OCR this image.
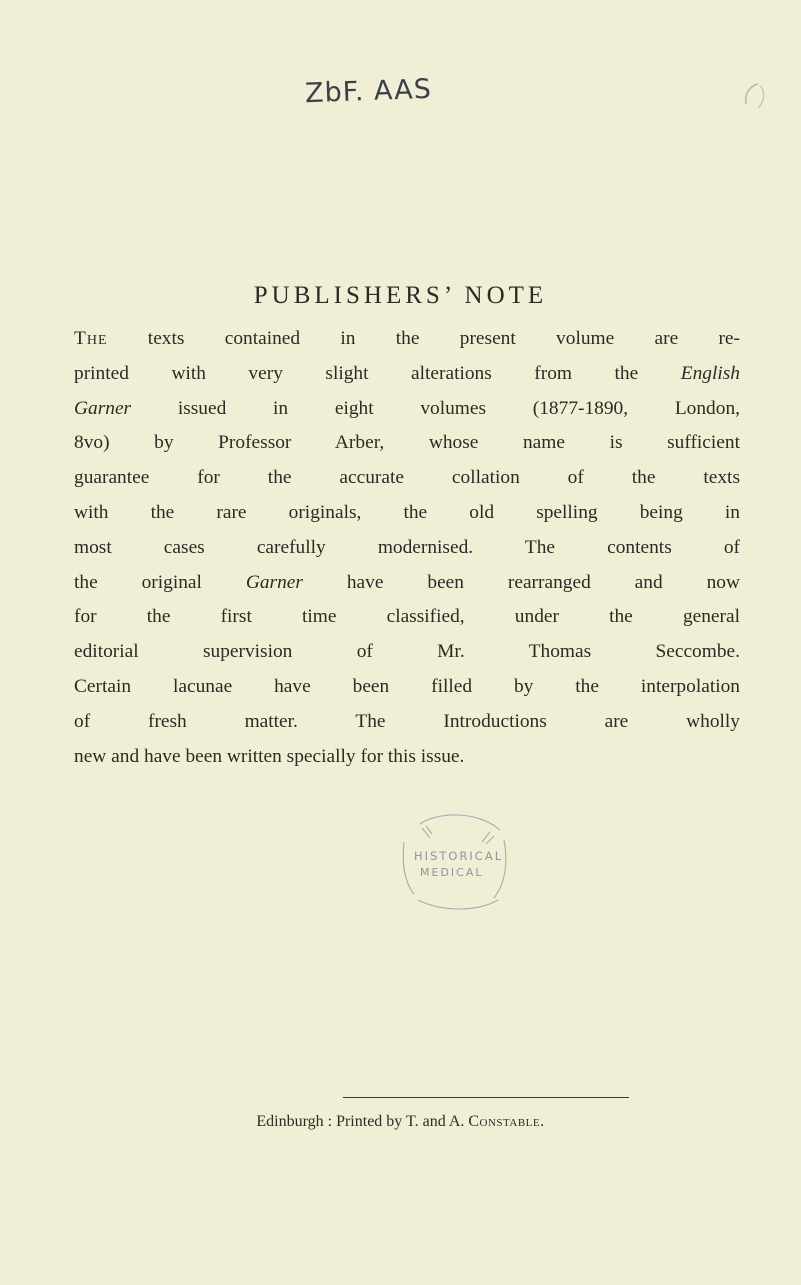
ZbF. AAS
PUBLISHERS’ NOTE
The texts contained in the present volume are re-
printed with very slight alterations from the English
Garner issued in eight volumes (1877-1890, London,
8vo) by Professor Arber, whose name is sufficient
guarantee for the accurate collation of the texts
with the rare originals, the old spelling being in
most cases carefully modernised. The contents of
the original Garner have been rearranged and now
for the first time classified, under the general
editorial supervision of Mr. Thomas Seccombe.
Certain lacunae have been filled by the interpolation
of fresh matter. The Introductions are wholly
new and have been written specially for this issue.
HISTORICAL
MEDICAL
Edinburgh : Printed by T. and A. Constable.
